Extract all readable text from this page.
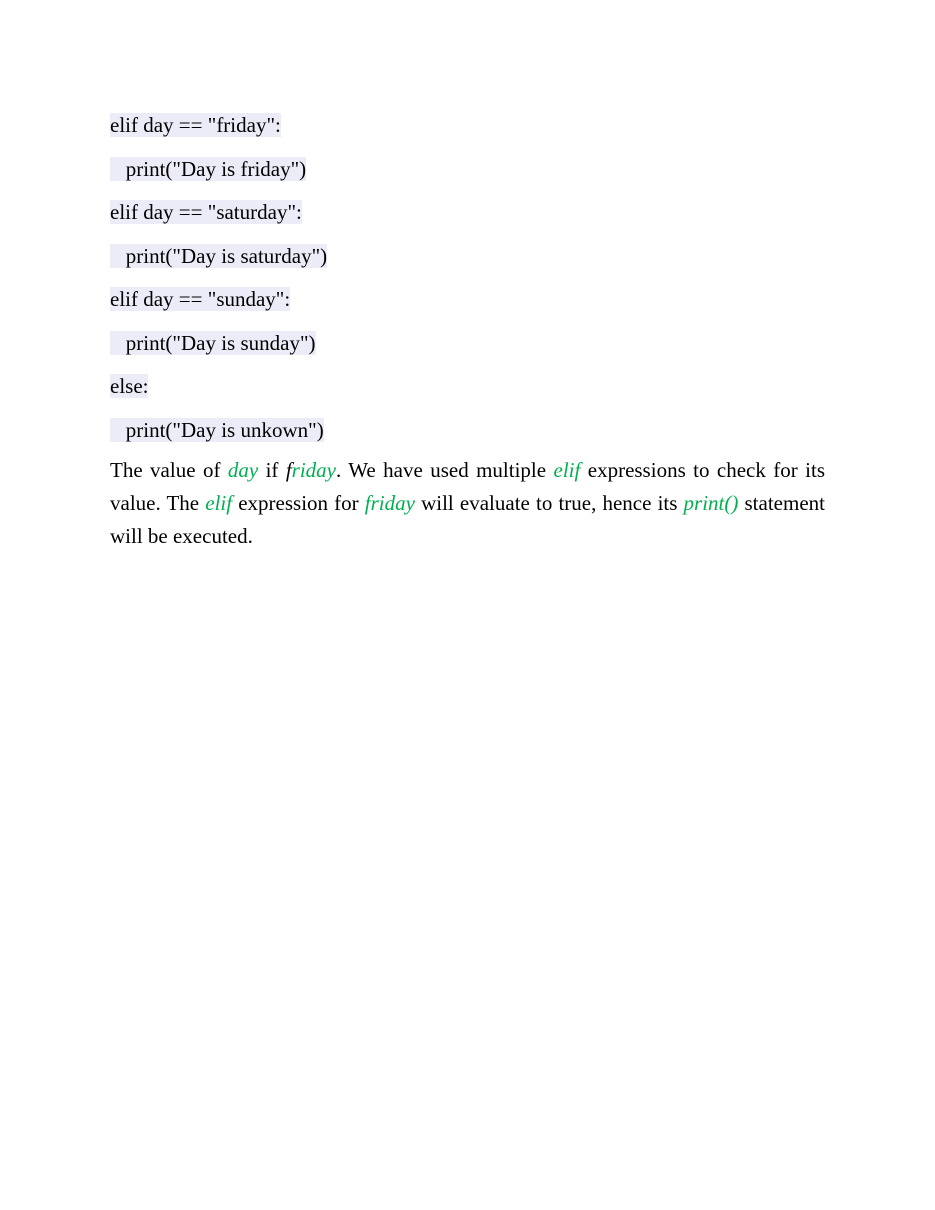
elif day == "friday":
print("Day is friday")
elif day == "saturday":
print("Day is saturday")
elif day == "sunday":
print("Day is sunday")
else:
print("Day is unkown")

The value of day if friday. We have used multiple elif expressions to check for its value. The elif expression for friday will evaluate to true, hence its print() statement will be executed.
